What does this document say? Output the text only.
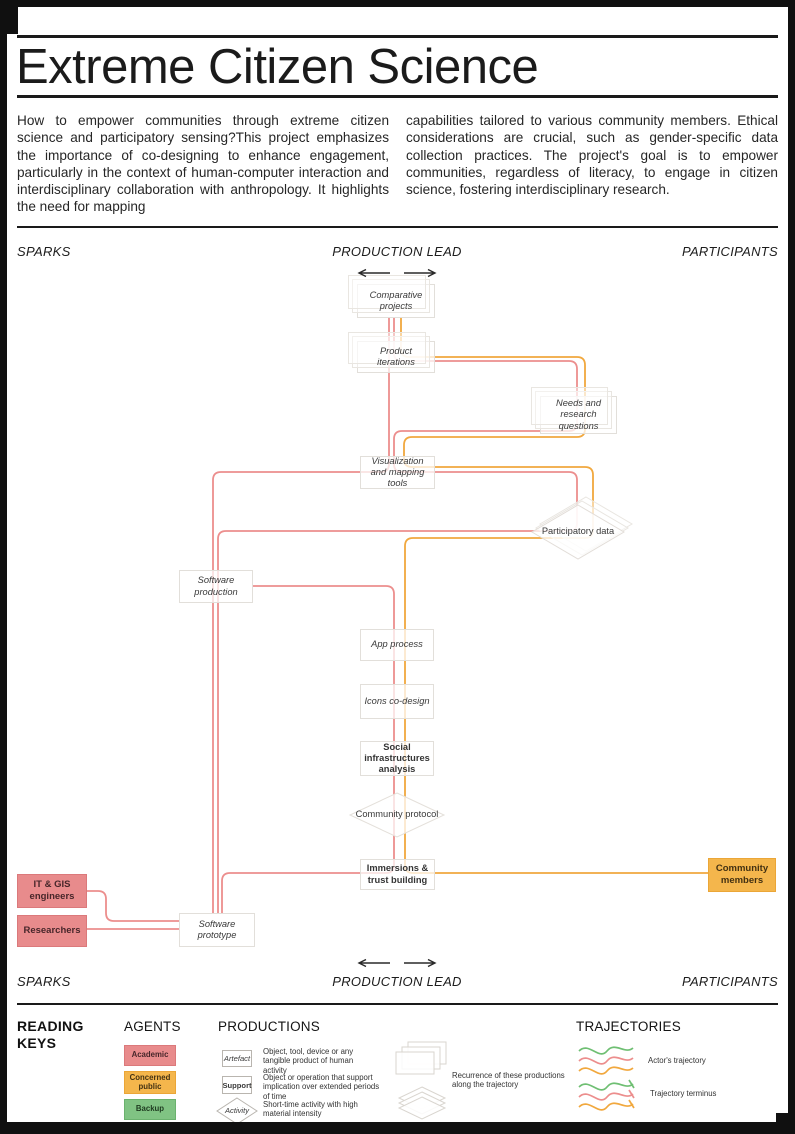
Extreme Citizen Science
How to empower communities through extreme citizen science and participatory sensing?This project emphasizes the importance of co-designing to enhance engagement, particularly in the context of human-computer interaction and interdisciplinary collaboration with anthropology. It highlights the need for mapping
capabilities tailored to various community members. Ethical considerations are crucial, such as gender-specific data collection practices. The project's goal is to empower communities, regardless of literacy, to engage in citizen science, fostering interdisciplinary research.
SPARKS	PRODUCTION LEAD	PARTICIPANTS
SPARKS	PRODUCTION LEAD	PARTICIPANTS
Comparative projects
Product iterations
Needs and research questions
Visualization and mapping tools
Participatory data
Software production
App process
Icons co-design
Social infrastructures analysis
Community protocol
Immersions & trust building
Software prototype
IT & GIS engineers
Researchers
Community members
READING KEYS
AGENTS
Academic
Concerned public
Backup
PRODUCTIONS
Artefact
Object, tool, device or any tangible product of human activity
Support
Object or operation that support implication over extended periods of time
Activity
Short-time activity with high material intensity
Recurrence of these productions along the trajectory
TRAJECTORIES
Actor's trajectory
Trajectory terminus
